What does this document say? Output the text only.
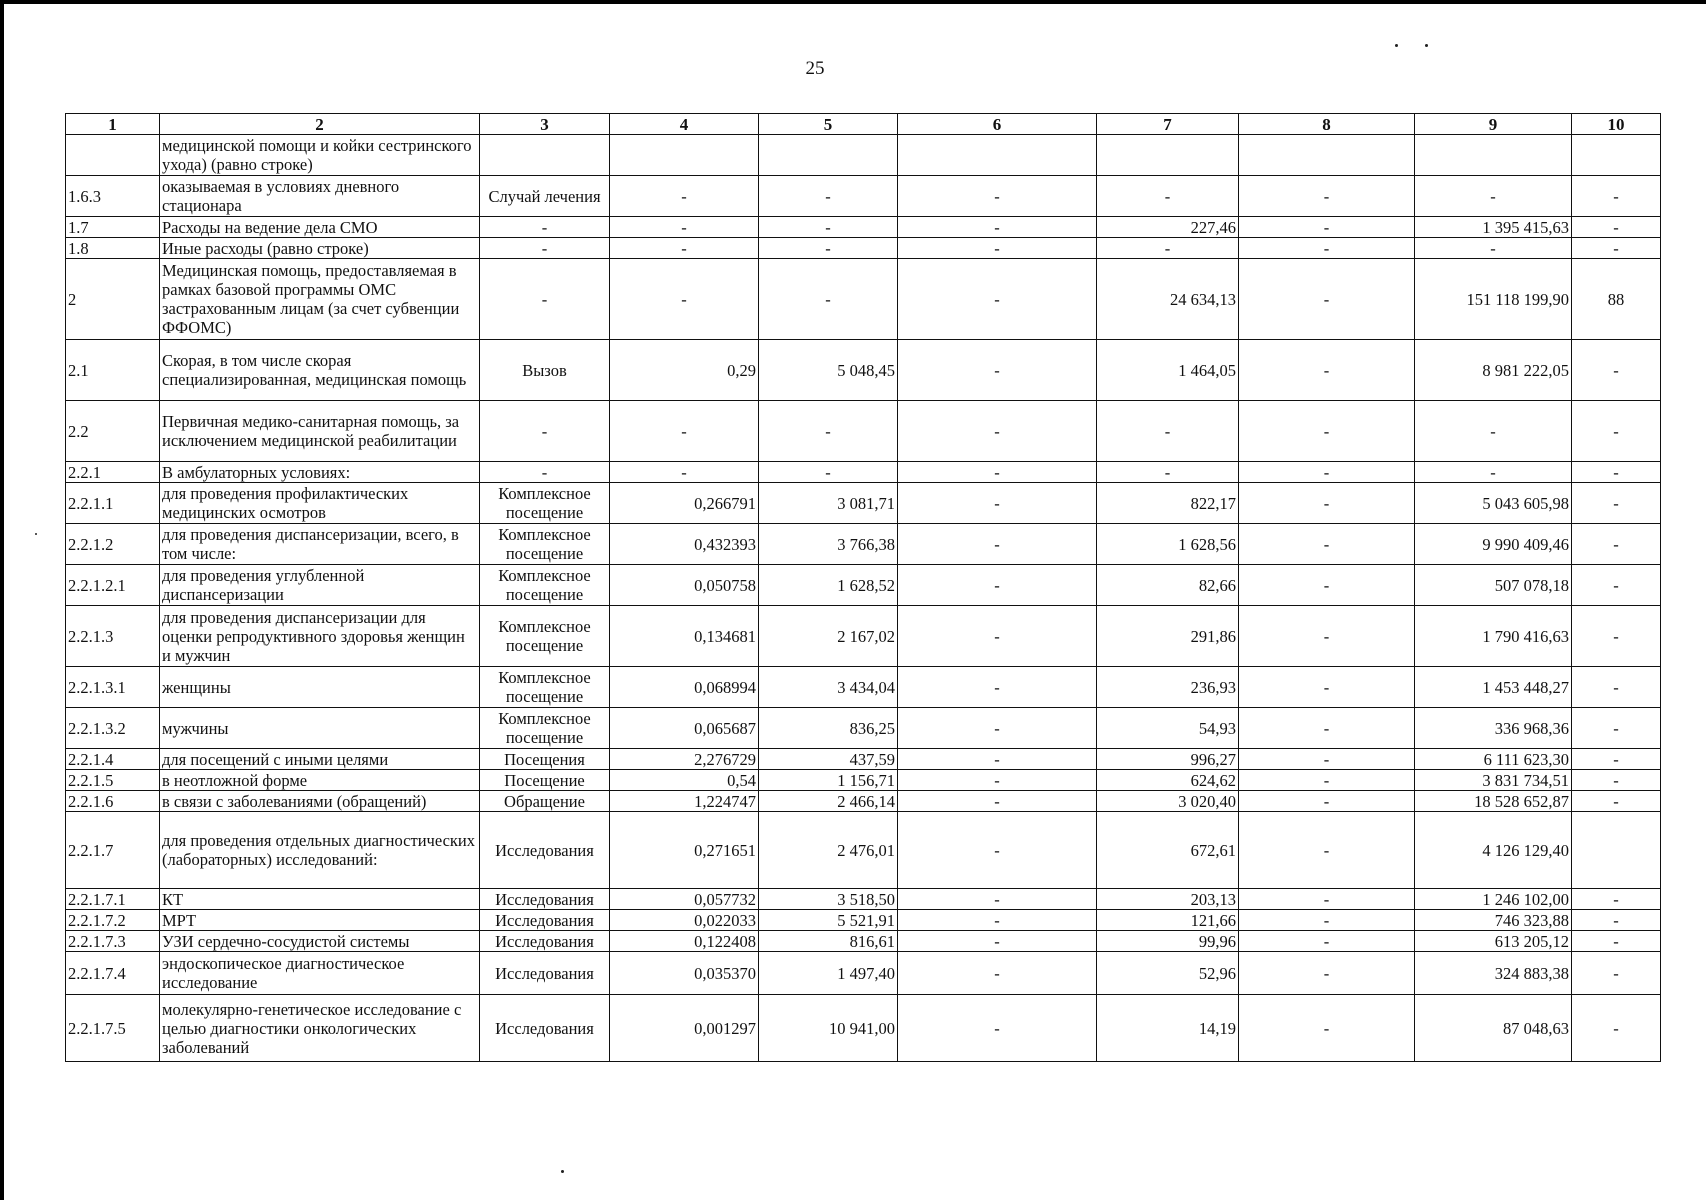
25
1	2	3	4	5	6	7	8	9	10
	медицинской помощи и койки сестринского ухода) (равно строке)								
1.6.3	оказываемая в условиях дневного стационара	Случай лечения	-	-	-	-	-	-	-
1.7	Расходы на ведение дела СМО	-	-	-	-	227,46	-	1 395 415,63	-
1.8	Иные расходы (равно строке)	-	-	-	-	-	-	-	-
2	Медицинская помощь, предоставляемая в рамках базовой программы ОМС застрахованным лицам (за счет субвенции ФФОМС)	-	-	-	-	24 634,13	-	151 118 199,90	88
2.1	Скорая, в том числе скорая специализированная, медицинская помощь	Вызов	0,29	5 048,45	-	1 464,05	-	8 981 222,05	-
2.2	Первичная медико-санитарная помощь, за исключением медицинской реабилитации	-	-	-	-	-	-	-	-
2.2.1	В амбулаторных условиях:	-	-	-	-	-	-	-	-
2.2.1.1	для проведения профилактических медицинских осмотров	Комплексное посещение	0,266791	3 081,71	-	822,17	-	5 043 605,98	-
2.2.1.2	для проведения диспансеризации, всего, в том числе:	Комплексное посещение	0,432393	3 766,38	-	1 628,56	-	9 990 409,46	-
2.2.1.2.1	для проведения углубленной диспансеризации	Комплексное посещение	0,050758	1 628,52	-	82,66	-	507 078,18	-
2.2.1.3	для проведения диспансеризации для оценки репродуктивного здоровья женщин и мужчин	Комплексное посещение	0,134681	2 167,02	-	291,86	-	1 790 416,63	-
2.2.1.3.1	женщины	Комплексное посещение	0,068994	3 434,04	-	236,93	-	1 453 448,27	-
2.2.1.3.2	мужчины	Комплексное посещение	0,065687	836,25	-	54,93	-	336 968,36	-
2.2.1.4	для посещений с иными целями	Посещения	2,276729	437,59	-	996,27	-	6 111 623,30	-
2.2.1.5	в неотложной форме	Посещение	0,54	1 156,71	-	624,62	-	3 831 734,51	-
2.2.1.6	в связи с заболеваниями (обращений)	Обращение	1,224747	2 466,14	-	3 020,40	-	18 528 652,87	-
2.2.1.7	для проведения отдельных диагностических (лабораторных) исследований:	Исследования	0,271651	2 476,01	-	672,61	-	4 126 129,40	
2.2.1.7.1	КТ	Исследования	0,057732	3 518,50	-	203,13	-	1 246 102,00	-
2.2.1.7.2	МРТ	Исследования	0,022033	5 521,91	-	121,66	-	746 323,88	-
2.2.1.7.3	УЗИ сердечно-сосудистой системы	Исследования	0,122408	816,61	-	99,96	-	613 205,12	-
2.2.1.7.4	эндоскопическое диагностическое исследование	Исследования	0,035370	1 497,40	-	52,96	-	324 883,38	-
2.2.1.7.5	молекулярно-генетическое исследование с целью диагностики онкологических заболеваний	Исследования	0,001297	10 941,00	-	14,19	-	87 048,63	-
